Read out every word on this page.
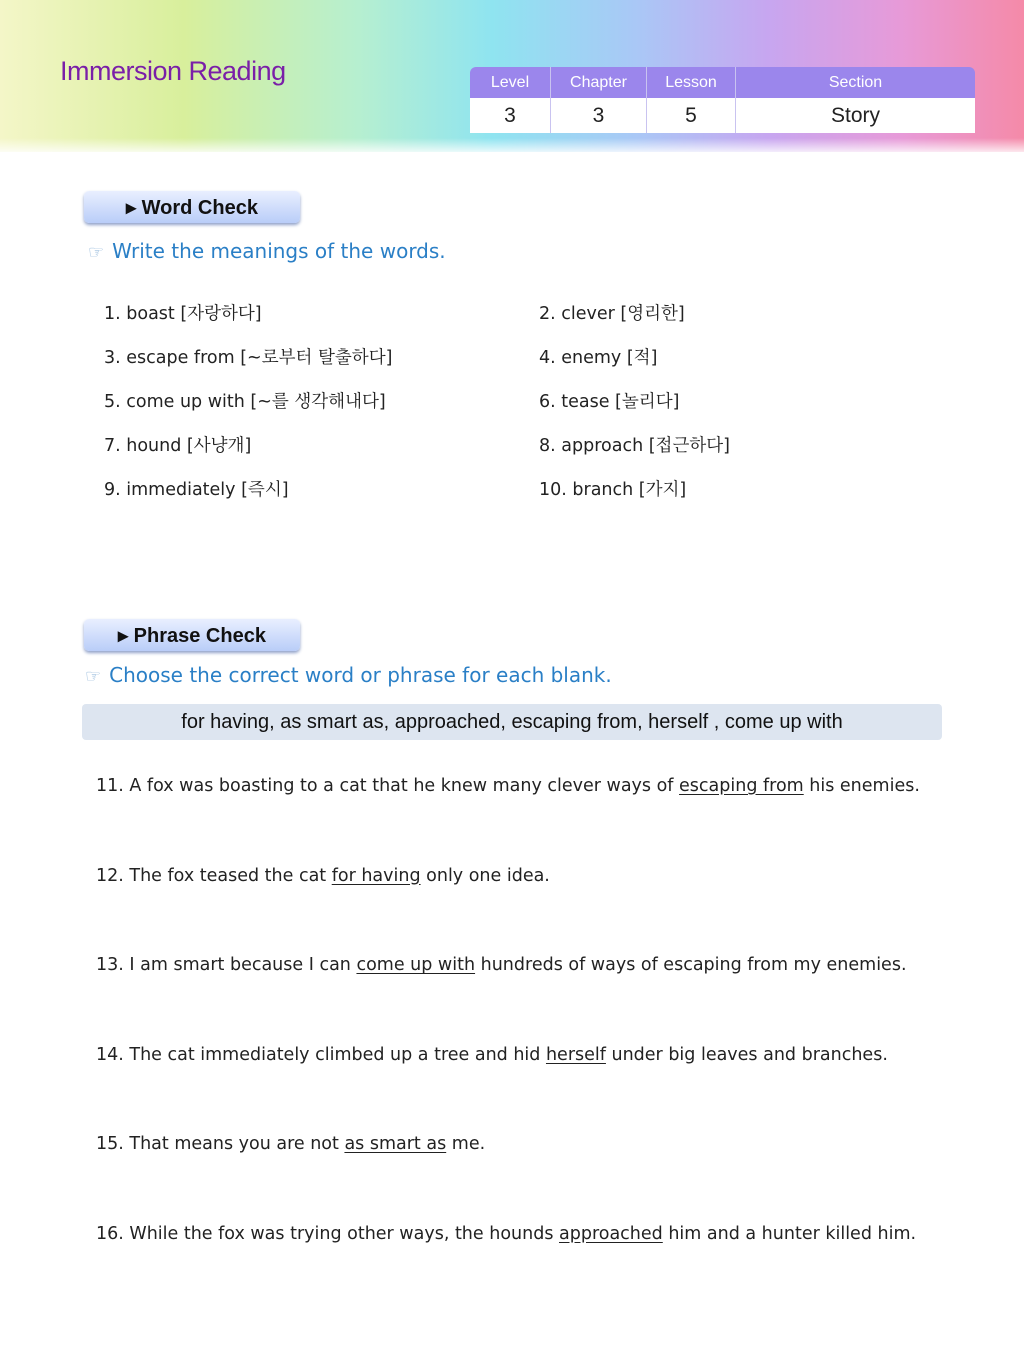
Immersion Reading	Level	Chapter	Lesson	Section
3	3	5	Story
▸ Word Check
☞ Write the meanings of the words.
1. boast [자랑하다]	2. clever [영리한]
3. escape from [~로부터 탈출하다]	4. enemy [적]
5. come up with [~를 생각해내다]	6. tease [놀리다]
7. hound [사냥개]	8. approach [접근하다]
9. immediately [즉시]	10. branch [가지]
▸ Phrase Check
☞ Choose the correct word or phrase for each blank.
for having, as smart as, approached, escaping from, herself , come up with
11. A fox was boasting to a cat that he knew many clever ways of escaping from his enemies.
12. The fox teased the cat for having only one idea.
13. I am smart because I can come up with hundreds of ways of escaping from my enemies.
14. The cat immediately climbed up a tree and hid herself under big leaves and branches.
15. That means you are not as smart as me.
16. While the fox was trying other ways, the hounds approached him and a hunter killed him.
